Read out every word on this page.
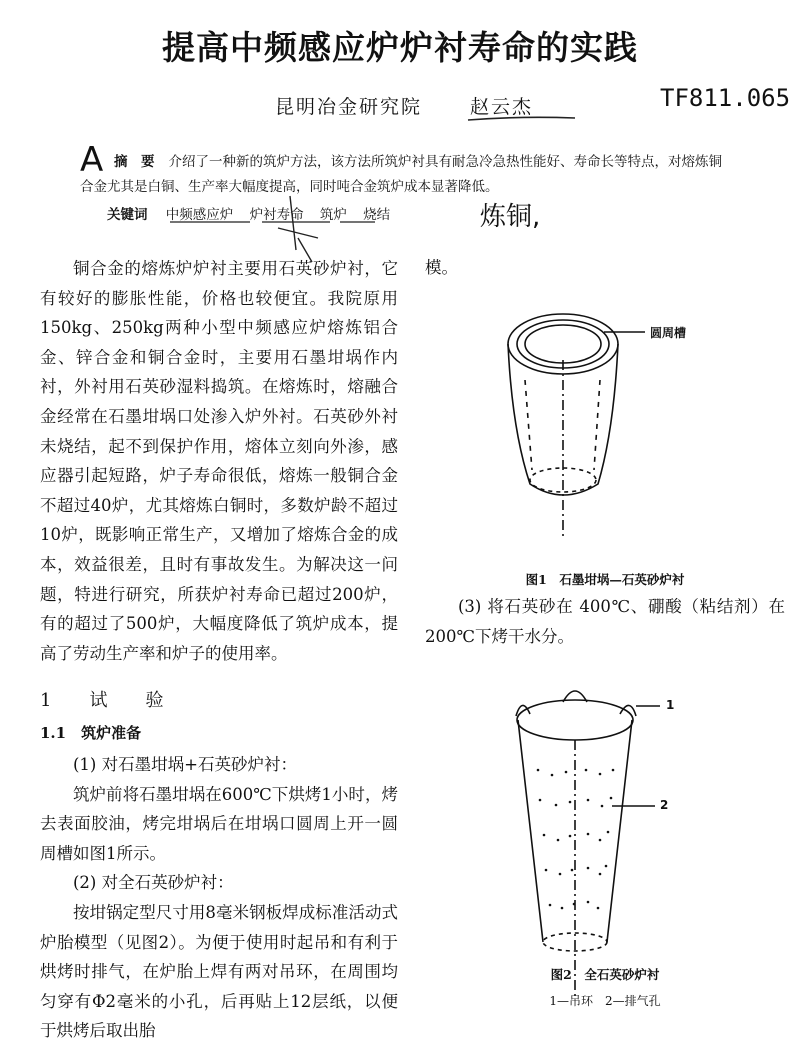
提高中频感应炉炉衬寿命的实践
昆明冶金研究院	赵云杰	TF811.065
A 摘　要 介绍了一种新的筑炉方法，该方法所筑炉衬具有耐急冷急热性能好、寿命长等特点，对熔炼铜合金尤其是白铜、生产率大幅度提高，同时吨合金筑炉成本显著降低。
关键词 中频感应炉 炉衬寿命 筑炉 烧结	炼铜,

铜合金的熔炼炉炉衬主要用石英砂炉衬，它有较好的膨胀性能，价格也较便宜。我院原用150kg、250kg两种小型中频感应炉熔炼铝合金、锌合金和铜合金时，主要用石墨坩埚作内衬，外衬用石英砂湿料捣筑。在熔炼时，熔融合金经常在石墨坩埚口处渗入炉外衬。石英砂外衬未烧结，起不到保护作用，熔体立刻向外渗，感应器引起短路，炉子寿命很低，熔炼一般铜合金不超过40炉，尤其熔炼白铜时，多数炉龄不超过10炉，既影响正常生产，又增加了熔炼合金的成本，效益很差，且时有事故发生。为解决这一问题，特进行研究，所获炉衬寿命已超过200炉，有的超过了500炉，大幅度降低了筑炉成本，提高了劳动生产率和炉子的使用率。

1　试　验
1.1　筑炉准备

(1) 对石墨坩埚+石英砂炉衬：

筑炉前将石墨坩埚在600℃下烘烤1小时，烤去表面胶油，烤完坩埚后在坩埚口圆周上开一圆周槽如图1所示。

(2) 对全石英砂炉衬：

按坩锅定型尺寸用8毫米钢板焊成标准活动式炉胎模型（见图2）。为便于使用时起吊和有利于烘烤时排气，在炉胎上焊有两对吊环，在周围均匀穿有Φ2毫米的小孔，后再贴上12层纸，以便于烘烤后取出胎

模。
圆周槽
图1　石墨坩埚—石英砂炉衬

(3) 将石英砂在 400℃、硼酸（粘结剂）在200℃下烤干水分。

1
2
图2　全石英砂炉衬
1—吊环　2—排气孔
